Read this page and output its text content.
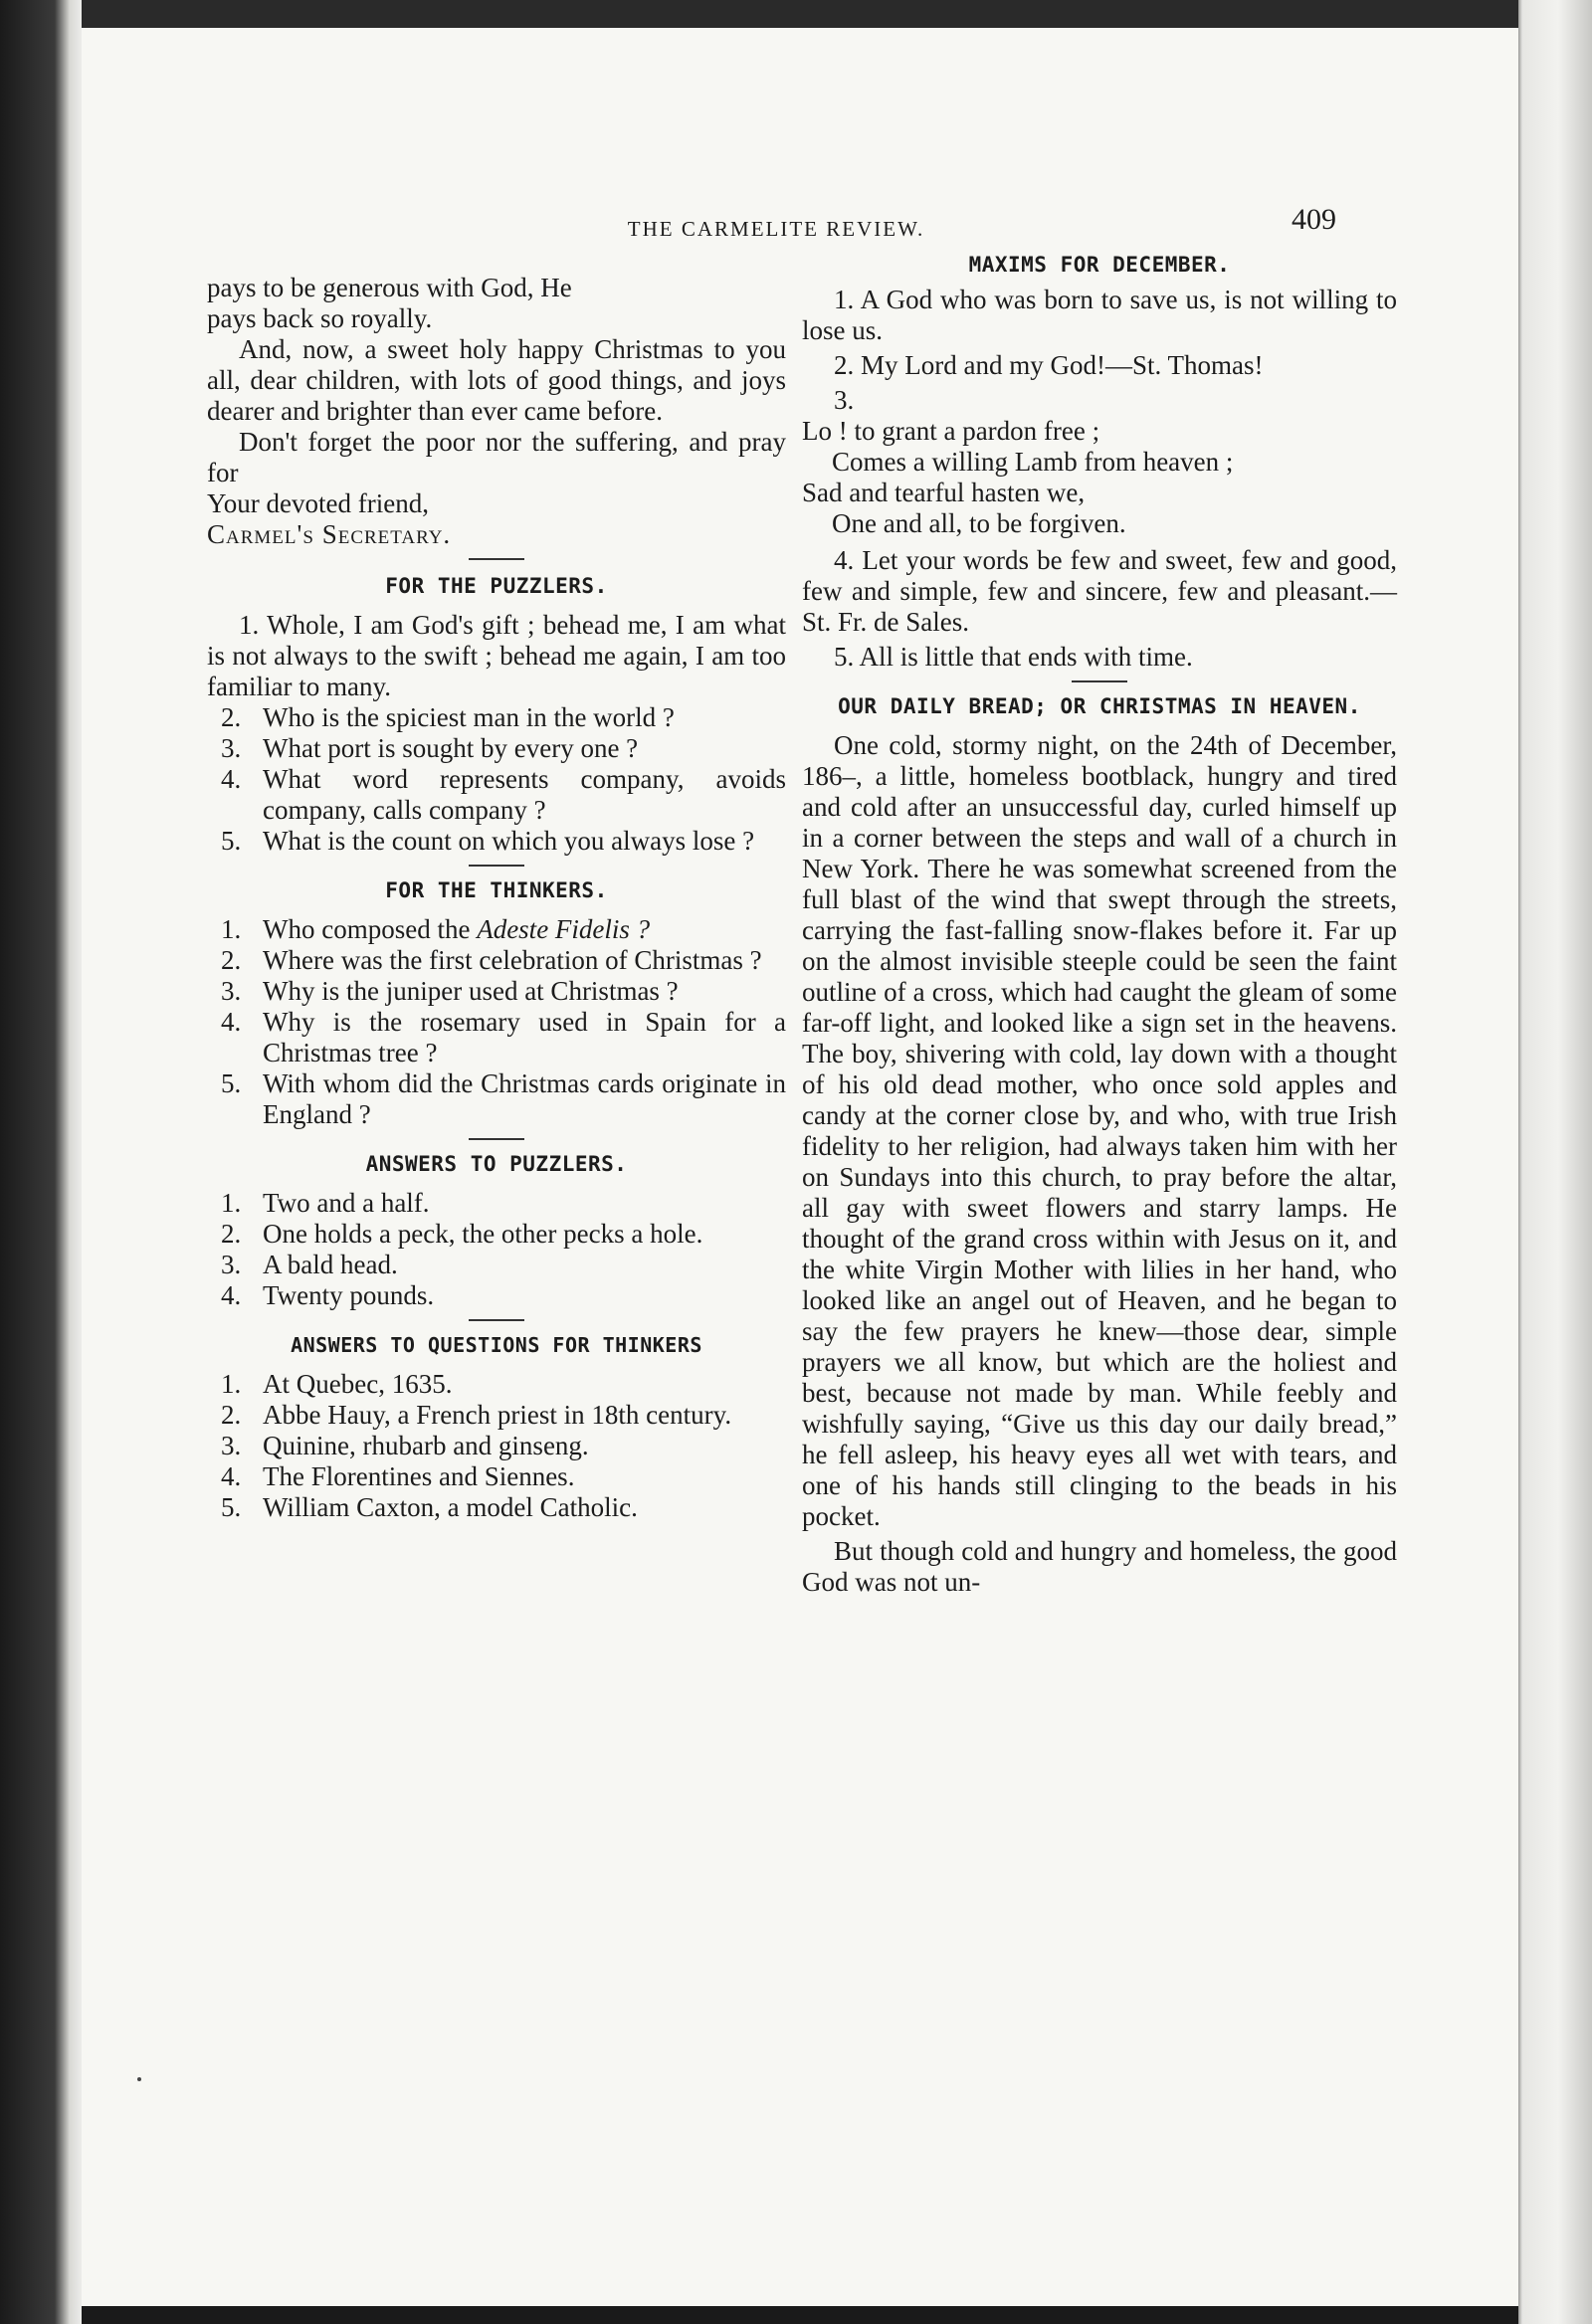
THE CARMELITE REVIEW.	409

pays to be generous with God, He

pays back so royally.

And, now, a sweet holy happy Christmas to you all, dear children, with lots of good things, and joys dearer and brighter than ever came before.

Don't forget the poor nor the suffering, and pray for

Your devoted friend,

Carmel's Secretary.

FOR THE PUZZLERS.

1. Whole, I am God's gift ; behead me, I am what is not always to the swift ; behead me again, I am too familiar to many.

2. Who is the spiciest man in the world ?

3. What port is sought by every one ?

4. What word represents company, avoids company, calls company ?

5. What is the count on which you always lose ?

FOR THE THINKERS.

1. Who composed the Adeste Fidelis ?

2. Where was the first celebration of Christmas ?

3. Why is the juniper used at Christmas ?

4. Why is the rosemary used in Spain for a Christmas tree ?

5. With whom did the Christmas cards originate in England ?

ANSWERS TO PUZZLERS.

1. Two and a half.

2. One holds a peck, the other pecks a hole.

3. A bald head.

4. Twenty pounds.

ANSWERS TO QUESTIONS FOR THINKERS

1. At Quebec, 1635.

2. Abbe Hauy, a French priest in 18th century.

3. Quinine, rhubarb and ginseng.

4. The Florentines and Siennes.

5. William Caxton, a model Catholic.

MAXIMS FOR DECEMBER.

1. A God who was born to save us, is not willing to lose us.

2. My Lord and my God!—St. Thomas!

3.

Lo ! to grant a pardon free ;

Comes a willing Lamb from heaven ;

Sad and tearful hasten we,

One and all, to be forgiven.

4. Let your words be few and sweet, few and good, few and simple, few and sincere, few and pleasant.—St. Fr. de Sales.

5. All is little that ends with time.

OUR DAILY BREAD; OR CHRISTMAS IN HEAVEN.

One cold, stormy night, on the 24th of December, 186–, a little, homeless bootblack, hungry and tired and cold after an unsuccessful day, curled himself up in a corner between the steps and wall of a church in New York. There he was somewhat screened from the full blast of the wind that swept through the streets, carrying the fast-falling snow-flakes before it. Far up on the almost invisible steeple could be seen the faint outline of a cross, which had caught the gleam of some far-off light, and looked like a sign set in the heavens. The boy, shivering with cold, lay down with a thought of his old dead mother, who once sold apples and candy at the corner close by, and who, with true Irish fidelity to her religion, had always taken him with her on Sundays into this church, to pray before the altar, all gay with sweet flowers and starry lamps. He thought of the grand cross within with Jesus on it, and the white Virgin Mother with lilies in her hand, who looked like an angel out of Heaven, and he began to say the few prayers he knew—those dear, simple prayers we all know, but which are the holiest and best, because not made by man. While feebly and wishfully saying, “Give us this day our daily bread,” he fell asleep, his heavy eyes all wet with tears, and one of his hands still clinging to the beads in his pocket.

But though cold and hungry and homeless, the good God was not un-
